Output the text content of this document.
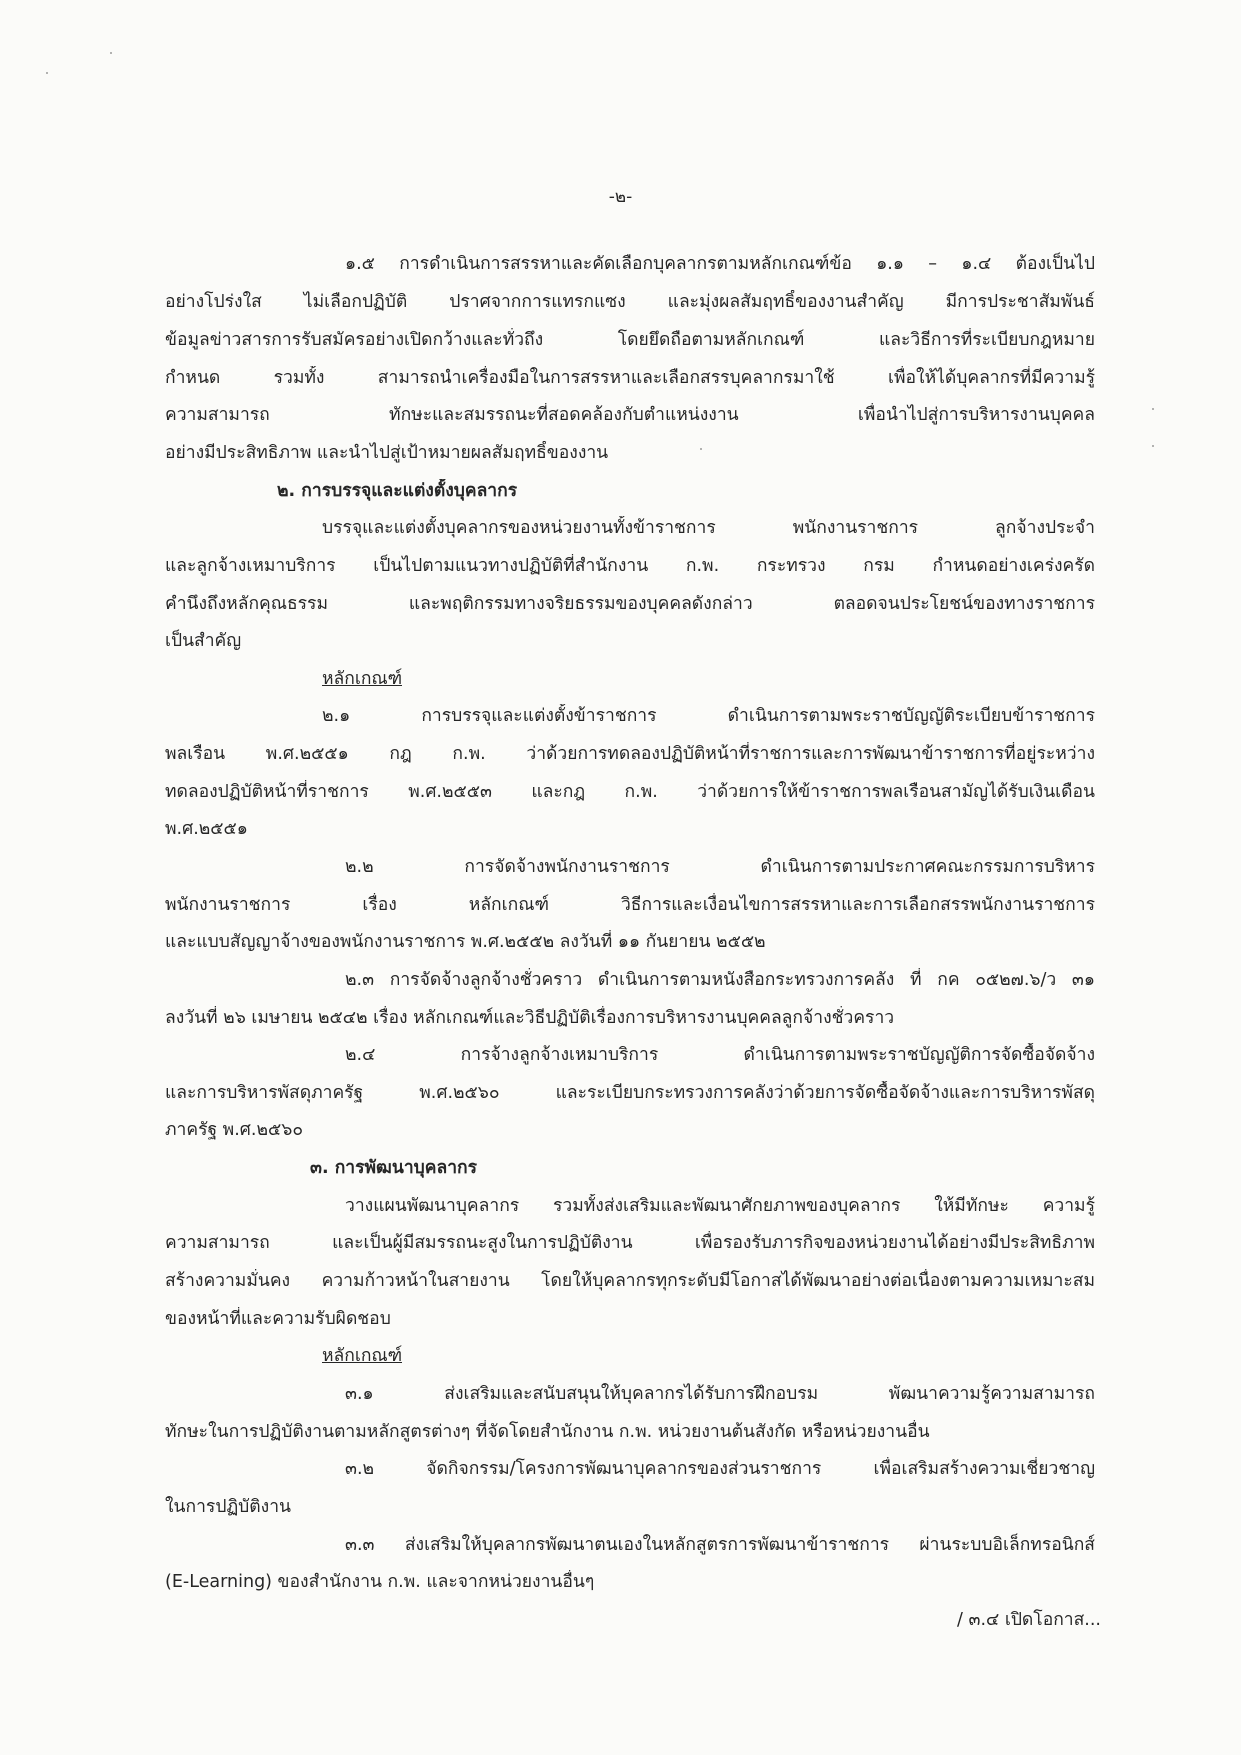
-๒-
๑.๕ การดำเนินการสรรหาและคัดเลือกบุคลากรตามหลักเกณฑ์ข้อ ๑.๑ – ๑.๔ ต้องเป็นไป
อย่างโปร่งใส ไม่เลือกปฏิบัติ ปราศจากการแทรกแซง และมุ่งผลสัมฤทธิ์ของงานสำคัญ มีการประชาสัมพันธ์
ข้อมูลข่าวสารการรับสมัครอย่างเปิดกว้างและทั่วถึง โดยยึดถือตามหลักเกณฑ์ และวิธีการที่ระเบียบกฎหมาย
กำหนด รวมทั้ง สามารถนำเครื่องมือในการสรรหาและเลือกสรรบุคลากรมาใช้ เพื่อให้ได้บุคลากรที่มีความรู้
ความสามารถ ทักษะและสมรรถนะที่สอดคล้องกับตำแหน่งงาน เพื่อนำไปสู่การบริหารงานบุคคล
อย่างมีประสิทธิภาพ และนำไปสู่เป้าหมายผลสัมฤทธิ์ของงาน
๒. การบรรจุและแต่งตั้งบุคลากร
บรรจุและแต่งตั้งบุคลากรของหน่วยงานทั้งข้าราชการ พนักงานราชการ ลูกจ้างประจำ
และลูกจ้างเหมาบริการ เป็นไปตามแนวทางปฏิบัติที่สำนักงาน ก.พ. กระทรวง กรม กำหนดอย่างเคร่งครัด
คำนึงถึงหลักคุณธรรม และพฤติกรรมทางจริยธรรมของบุคคลดังกล่าว ตลอดจนประโยชน์ของทางราชการ
เป็นสำคัญ
หลักเกณฑ์
๒.๑ การบรรจุและแต่งตั้งข้าราชการ ดำเนินการตามพระราชบัญญัติระเบียบข้าราชการ
พลเรือน พ.ศ.๒๕๕๑ กฎ ก.พ. ว่าด้วยการทดลองปฏิบัติหน้าที่ราชการและการพัฒนาข้าราชการที่อยู่ระหว่าง
ทดลองปฏิบัติหน้าที่ราชการ พ.ศ.๒๕๕๓ และกฎ ก.พ. ว่าด้วยการให้ข้าราชการพลเรือนสามัญได้รับเงินเดือน
พ.ศ.๒๕๕๑
๒.๒ การจัดจ้างพนักงานราชการ ดำเนินการตามประกาศคณะกรรมการบริหาร
พนักงานราชการ เรื่อง หลักเกณฑ์ วิธีการและเงื่อนไขการสรรหาและการเลือกสรรพนักงานราชการ
และแบบสัญญาจ้างของพนักงานราชการ พ.ศ.๒๕๕๒ ลงวันที่ ๑๑ กันยายน ๒๕๕๒
๒.๓ การจัดจ้างลูกจ้างชั่วคราว ดำเนินการตามหนังสือกระทรวงการคลัง ที่ กค ๐๕๒๗.๖/ว ๓๑
ลงวันที่ ๒๖ เมษายน ๒๕๔๒ เรื่อง หลักเกณฑ์และวิธีปฏิบัติเรื่องการบริหารงานบุคคลลูกจ้างชั่วคราว
๒.๔ การจ้างลูกจ้างเหมาบริการ ดำเนินการตามพระราชบัญญัติการจัดซื้อจัดจ้าง
และการบริหารพัสดุภาครัฐ พ.ศ.๒๕๖๐ และระเบียบกระทรวงการคลังว่าด้วยการจัดซื้อจัดจ้างและการบริหารพัสดุ
ภาครัฐ พ.ศ.๒๕๖๐
๓. การพัฒนาบุคลากร
วางแผนพัฒนาบุคลากร รวมทั้งส่งเสริมและพัฒนาศักยภาพของบุคลากร ให้มีทักษะ ความรู้
ความสามารถ และเป็นผู้มีสมรรถนะสูงในการปฏิบัติงาน เพื่อรองรับภารกิจของหน่วยงานได้อย่างมีประสิทธิภาพ
สร้างความมั่นคง ความก้าวหน้าในสายงาน โดยให้บุคลากรทุกระดับมีโอกาสได้พัฒนาอย่างต่อเนื่องตามความเหมาะสม
ของหน้าที่และความรับผิดชอบ
หลักเกณฑ์
๓.๑ ส่งเสริมและสนับสนุนให้บุคลากรได้รับการฝึกอบรม พัฒนาความรู้ความสามารถ
ทักษะในการปฏิบัติงานตามหลักสูตรต่างๆ ที่จัดโดยสำนักงาน ก.พ. หน่วยงานต้นสังกัด หรือหน่วยงานอื่น
๓.๒ จัดกิจกรรม/โครงการพัฒนาบุคลากรของส่วนราชการ เพื่อเสริมสร้างความเชี่ยวชาญ
ในการปฏิบัติงาน
๓.๓ ส่งเสริมให้บุคลากรพัฒนาตนเองในหลักสูตรการพัฒนาข้าราชการ ผ่านระบบอิเล็กทรอนิกส์
(E-Learning) ของสำนักงาน ก.พ. และจากหน่วยงานอื่นๆ
/ ๓.๔ เปิดโอกาส...
